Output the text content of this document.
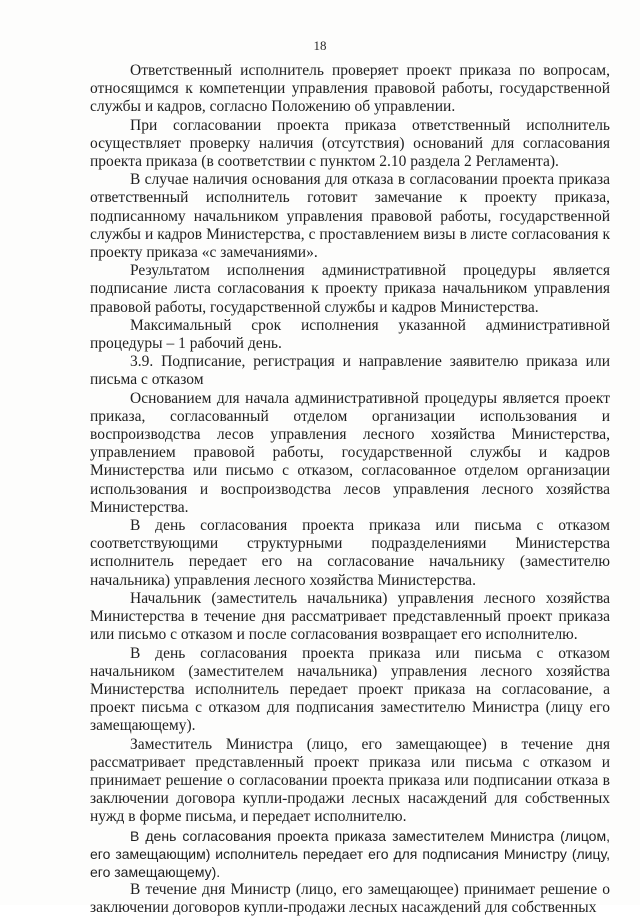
18

Ответственный исполнитель проверяет проект приказа по вопросам, относящимся к компетенции управления правовой работы, государственной службы и кадров, согласно Положению об управлении.

При согласовании проекта приказа ответственный исполнитель осуществляет проверку наличия (отсутствия) оснований для согласования проекта приказа (в соответствии с пунктом 2.10 раздела 2 Регламента).

В случае наличия основания для отказа в согласовании проекта приказа ответственный исполнитель готовит замечание к проекту приказа, подписанному начальником управления правовой работы, государственной службы и кадров Министерства, с проставлением визы в листе согласования к проекту приказа «с замечаниями».

Результатом исполнения административной процедуры является подписание листа согласования к проекту приказа начальником управления правовой работы, государственной службы и кадров Министерства.

Максимальный срок исполнения указанной административной процедуры – 1 рабочий день.

3.9. Подписание, регистрация и направление заявителю приказа или письма с отказом

Основанием для начала административной процедуры является проект приказа, согласованный отделом организации использования и воспроизводства лесов управления лесного хозяйства Министерства, управлением правовой работы, государственной службы и кадров Министерства или письмо с отказом, согласованное отделом организации использования и воспроизводства лесов управления лесного хозяйства Министерства.

В день согласования проекта приказа или письма с отказом соответствующими структурными подразделениями Министерства исполнитель передает его на согласование начальнику (заместителю начальника) управления лесного хозяйства Министерства.

Начальник (заместитель начальника) управления лесного хозяйства Министерства в течение дня рассматривает представленный проект приказа или письмо с отказом и после согласования возвращает его исполнителю.

В день согласования проекта приказа или письма с отказом начальником (заместителем начальника) управления лесного хозяйства Министерства исполнитель передает проект приказа на согласование, а проект письма с отказом для подписания заместителю Министра (лицу его замещающему).

Заместитель Министра (лицо, его замещающее) в течение дня рассматривает представленный проект приказа или письма с отказом и принимает решение о согласовании проекта приказа или подписании отказа в заключении договора купли-продажи лесных насаждений для собственных нужд в форме письма, и передает исполнителю.

В день согласования проекта приказа заместителем Министра (лицом, его замещающим) исполнитель передает его для подписания Министру (лицу, его замещающему).

В течение дня Министр (лицо, его замещающее) принимает решение о заключении договоров купли-продажи лесных насаждений для собственных
